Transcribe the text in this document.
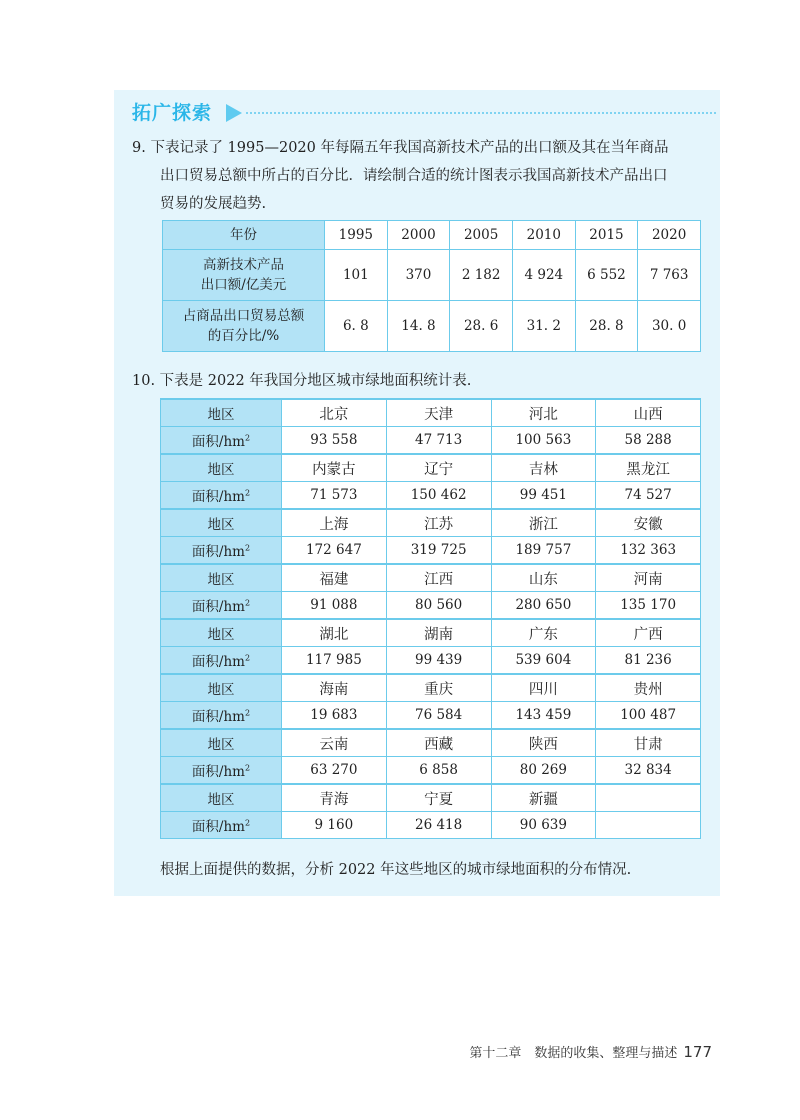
拓广探索
9. 下表记录了 1995—2020 年每隔五年我国高新技术产品的出口额及其在当年商品
出口贸易总额中所占的百分比．请绘制合适的统计图表示我国高新技术产品出口
贸易的发展趋势.
年份	1995	2000	2005	2010	2015	2020

高新技术产品
出口额/亿美元	101	370	2 182	4 924	6 552	7 763

占商品出口贸易总额
的百分比/%	6. 8	14. 8	28. 6	31. 2	28. 8	30. 0
10. 下表是 2022 年我国分地区城市绿地面积统计表.
地区	北京	天津	河北	山西
面积$/hm^2$	93 558	47 713	100 563	58 288
地区	内蒙古	辽宁	吉林	黑龙江
面积$/hm^2$	71 573	150 462	99 451	74 527
地区	上海	江苏	浙江	安徽
面积$/hm^2$	172 647	319 725	189 757	132 363
地区	福建	江西	山东	河南
面积$/hm^2$	91 088	80 560	280 650	135 170
地区	湖北	湖南	广东	广西
面积$/hm^2$	117 985	99 439	539 604	81 236
地区	海南	重庆	四川	贵州
面积$/hm^2$	19 683	76 584	143 459	100 487
地区	云南	西藏	陕西	甘肃
面积$/hm^2$	63 270	6 858	80 269	32 834
地区	青海	宁夏	新疆	
面积$/hm^2$	9 160	26 418	90 639	
根据上面提供的数据，分析 2022 年这些地区的城市绿地面积的分布情况.
第十二章　数据的收集、整理与描述 177
